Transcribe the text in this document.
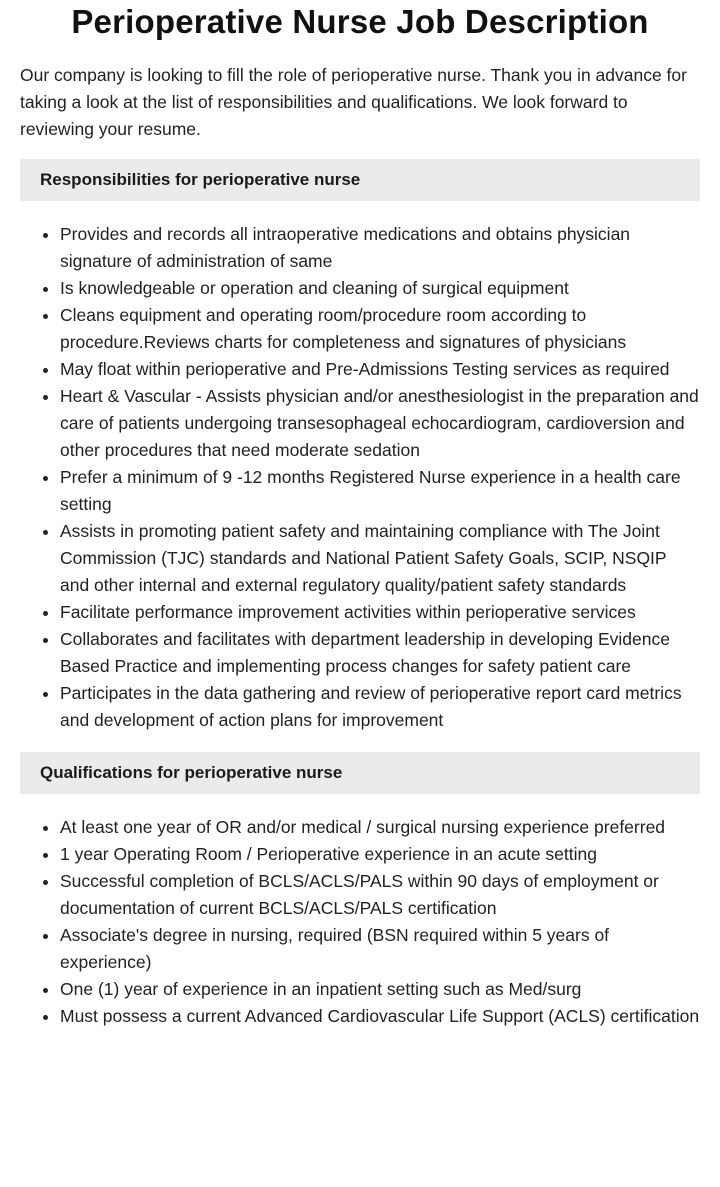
Perioperative Nurse Job Description

Our company is looking to fill the role of perioperative nurse. Thank you in advance for taking a look at the list of responsibilities and qualifications. We look forward to reviewing your resume.

Responsibilities for perioperative nurse
• Provides and records all intraoperative medications and obtains physician signature of administration of same
• Is knowledgeable or operation and cleaning of surgical equipment
• Cleans equipment and operating room/procedure room according to procedure.Reviews charts for completeness and signatures of physicians
• May float within perioperative and Pre-Admissions Testing services as required
• Heart & Vascular - Assists physician and/or anesthesiologist in the preparation and care of patients undergoing transesophageal echocardiogram, cardioversion and other procedures that need moderate sedation
• Prefer a minimum of 9 -12 months Registered Nurse experience in a health care setting
• Assists in promoting patient safety and maintaining compliance with The Joint Commission (TJC) standards and National Patient Safety Goals, SCIP, NSQIP and other internal and external regulatory quality/patient safety standards
• Facilitate performance improvement activities within perioperative services
• Collaborates and facilitates with department leadership in developing Evidence Based Practice and implementing process changes for safety patient care
• Participates in the data gathering and review of perioperative report card metrics and development of action plans for improvement
Qualifications for perioperative nurse
• At least one year of OR and/or medical / surgical nursing experience preferred
• 1 year Operating Room / Perioperative experience in an acute setting
• Successful completion of BCLS/ACLS/PALS within 90 days of employment or documentation of current BCLS/ACLS/PALS certification
• Associate's degree in nursing, required (BSN required within 5 years of experience)
• One (1) year of experience in an inpatient setting such as Med/surg
• Must possess a current Advanced Cardiovascular Life Support (ACLS) certification
